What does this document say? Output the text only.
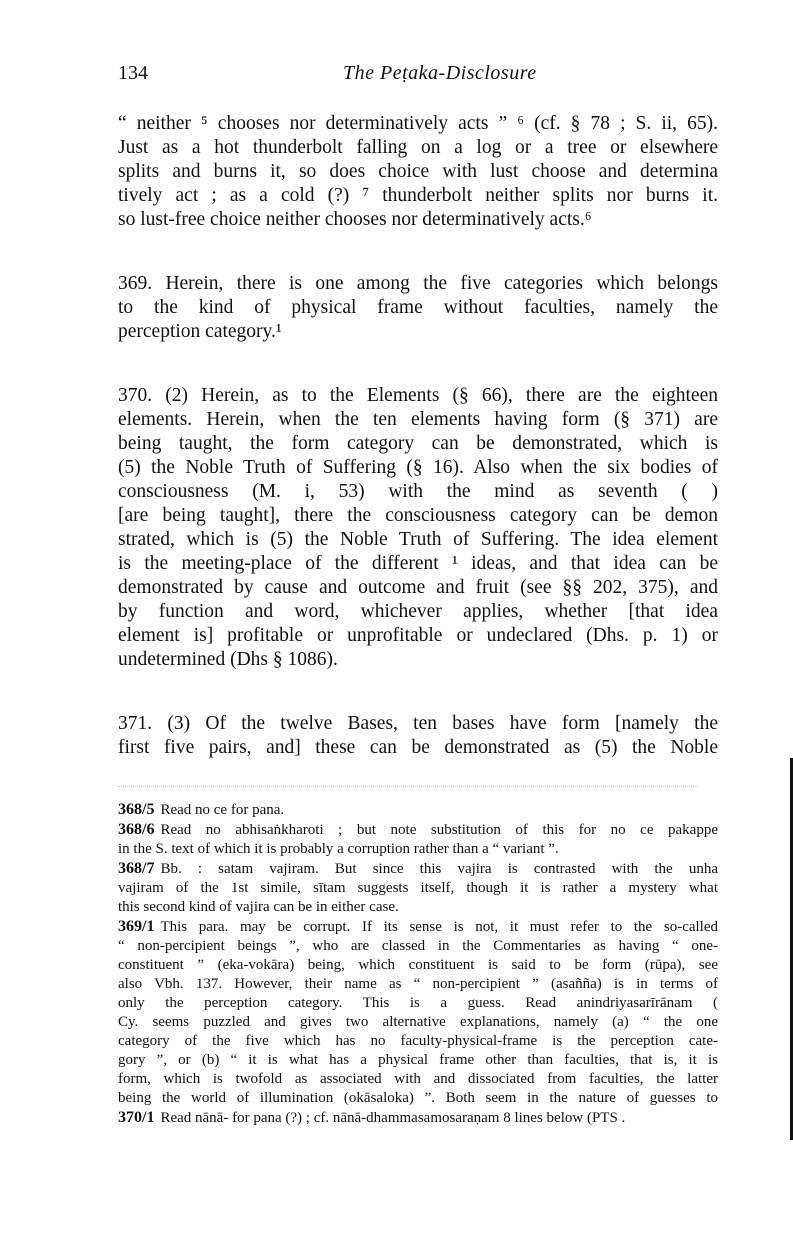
134	The Peṭaka-Disclosure

“ neither ⁵ chooses nor determinatively acts ” ⁶ (cf. § 78 ; S. ii, 65).
Just as a hot thunderbolt falling on a log or a tree or elsewhere
splits and burns it, so does choice with lust choose and determina
tively act ; as a cold (?) ⁷ thunderbolt neither splits nor burns it.
so lust-free choice neither chooses nor determinatively acts.⁶

369. Herein, there is one among the five categories which belongs
to the kind of physical frame without faculties, namely the
perception category.¹

370. (2) Herein, as to the Elements (§ 66), there are the eighteen
elements. Herein, when the ten elements having form (§ 371) are
being taught, the form category can be demonstrated, which is
(5) the Noble Truth of Suffering (§ 16). Also when the six bodies of
consciousness (M. i, 53) with the mind as seventh ( )
[are being taught], there the consciousness category can be demon
strated, which is (5) the Noble Truth of Suffering. The idea element
is the meeting-place of the different ¹ ideas, and that idea can be
demonstrated by cause and outcome and fruit (see §§ 202, 375), and
by function and word, whichever applies, whether [that idea
element is] profitable or unprofitable or undeclared (Dhs. p. 1) or
undetermined (Dhs § 1086).

371. (3) Of the twelve Bases, ten bases have form [namely the
first five pairs, and] these can be demonstrated as (5) the Noble

368/5 Read no ce for pana.
368/6 Read no abhisaṅkharoti ; but note substitution of this for no ce pakappe
in the S. text of which it is probably a corruption rather than a “ variant ”.
368/7 Bb. : satam vajiram. But since this vajira is contrasted with the unha
vajiram of the 1st simile, sītam suggests itself, though it is rather a mystery what
this second kind of vajira can be in either case.
369/1 This para. may be corrupt. If its sense is not, it must refer to the so-called
“ non-percipient beings ”, who are classed in the Commentaries as having “ one-
constituent ” (eka-vokāra) being, which constituent is said to be form (rūpa), see
also Vbh. 137. However, their name as “ non-percipient ” (asañña) is in terms of
only the perception category. This is a guess. Read anindriyasarīrānam (
Cy. seems puzzled and gives two alternative explanations, namely (a) “ the one
category of the five which has no faculty-physical-frame is the perception cate-
gory ”, or (b) “ it is what has a physical frame other than faculties, that is, it is
form, which is twofold as associated with and dissociated from faculties, the latter
being the world of illumination (okāsaloka) ”. Both seem in the nature of guesses to
370/1 Read nānā- for pana (?) ; cf. nānā-dhammasamosaraṇam 8 lines below (PTS .
